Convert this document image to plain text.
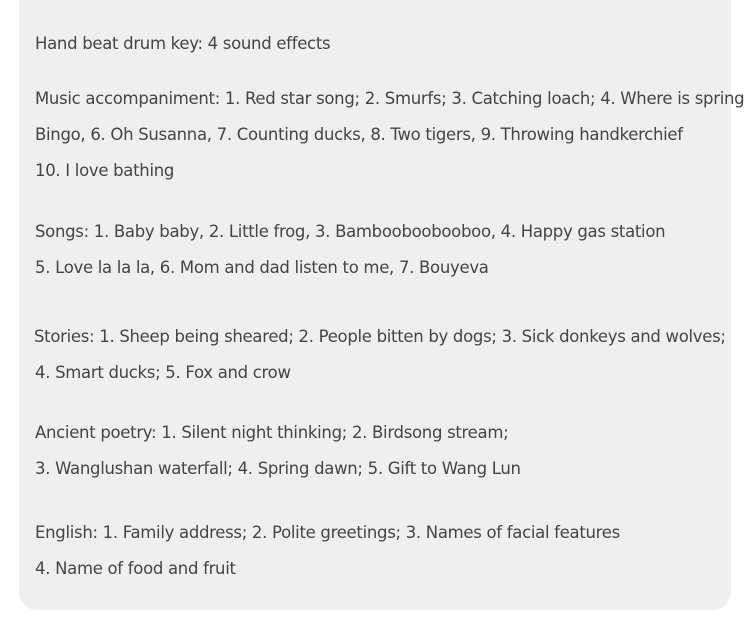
Hand beat drum key: 4 sound effects

Music accompaniment: 1. Red star song; 2. Smurfs; 3. Catching loach; 4. Where is spring

Bingo, 6. Oh Susanna, 7. Counting ducks, 8. Two tigers, 9. Throwing handkerchief

10. I love bathing

Songs: 1. Baby baby, 2. Little frog, 3. Bambooboobooboo, 4. Happy gas station

5. Love la la la, 6. Mom and dad listen to me, 7. Bouyeva

Stories: 1. Sheep being sheared; 2. People bitten by dogs; 3. Sick donkeys and wolves;

4. Smart ducks; 5. Fox and crow

Ancient poetry: 1. Silent night thinking; 2. Birdsong stream;

3. Wanglushan waterfall; 4. Spring dawn; 5. Gift to Wang Lun

English: 1. Family address; 2. Polite greetings; 3. Names of facial features

4. Name of food and fruit
